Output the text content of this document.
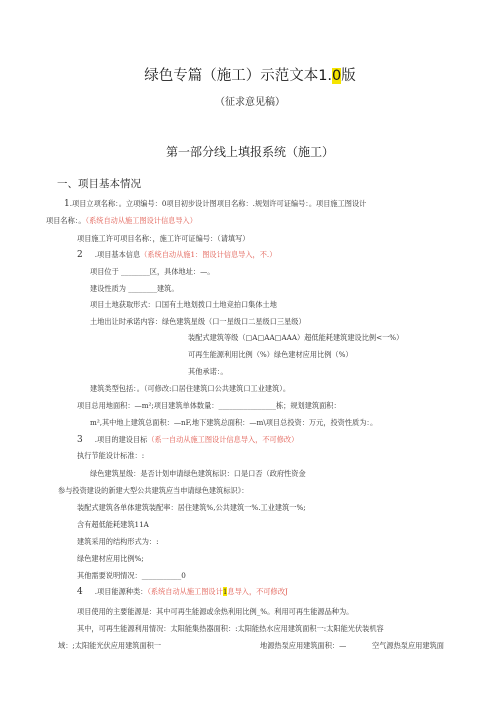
绿色专篇（施工）示范文本1.0版
（征求意见稿）
第一部分线上填报系统（施工）
一、项目基本情况
1.项目立项名称：。立项编号：0项目初步设计图项目名称：.规划许可证编号：。项目施工图设计
项目名称：。（系统自动从施工图设计信息导入）
项目施工许可项目名称：，施工许可证编号：（请填写）
2 .项目基本信息（系统自动从施1：图设计信息导入，不.）
项目位于 ________区，具体地址：—。
建设性质为 ________建筑。
项目土地获取形式：口国有土地划拨口土地竞拍口集体土地
土地出让时承诺内容：绿色建筑星级（口一星级口二星级口三星级）
装配式建筑等级（□A□AA□AAA）超低能耗建筑建设比例<一%）
可再生能源利用比例（%）绿色建材应用比例（%）
其他承诺：。
建筑类型包括：。（可修改:口居住建筑口公共建筑口工业建筑）。
项目总用地面积：—m²;项目建筑单体数量：________________栋；规划建筑面积：
m²,其中地上建筑总面积：—nF,地下建筑总面积：—m\项目总投资：万元，投资性质为：。
3 .项目的建设目标（系一自动从施工图设计信息导入，不可修改）
执行节能设计标准：:
绿色建筑星级：是否计划申请绿色建筑标识：口是口否（政府性资金
参与投资建设的新建大型公共建筑应当申请绿色建筑标识》：
装配式建筑各单体建筑装配率：居住建筑%,公共建筑一%.工业建筑一%;
含有超低能耗建筑11A
建筑采用的结构形式为：:
绿色建材应用比例%;
其他需要说明情况：___________0
4 .项目能源种类：（系统自动从施工图设计1息导入，不可修改J
项目使用的主要能源是：其中可再生能源或余热利用比例_%。利用可再生能源品种为。
其中，可再生能源利用情况：太阳能集热器面积：:太阳能热水应用建筑面积一:太阳能光伏装机容
域：;太阳能光伏应用建筑面积一	地源热泵应用建筑面积：—	空气源热泵应用建筑面
